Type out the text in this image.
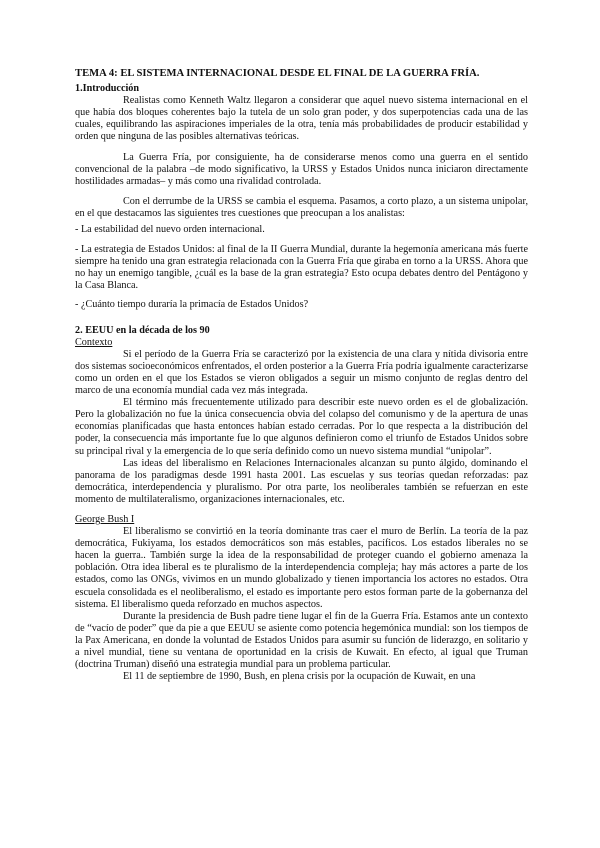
TEMA 4: EL SISTEMA INTERNACIONAL DESDE EL FINAL DE LA GUERRA FRÍA.

1.Introducción

Realistas como Kenneth Waltz llegaron a considerar que aquel nuevo sistema internacional en el que había dos bloques coherentes bajo la tutela de un solo gran poder, y dos superpotencias cada una de las cuales, equilibrando las aspiraciones imperiales de la otra, tenía más probabilidades de producir estabilidad y orden que ninguna de las posibles alternativas teóricas.

La Guerra Fría, por consiguiente, ha de considerarse menos como una guerra en el sentido convencional de la palabra –de modo significativo, la URSS y Estados Unidos nunca iniciaron directamente hostilidades armadas– y más como una rivalidad controlada.

Con el derrumbe de la URSS se cambia el esquema. Pasamos, a corto plazo, a un sistema unipolar, en el que destacamos las siguientes tres cuestiones que preocupan a los analistas:

- La estabilidad del nuevo orden internacional.

- La estrategia de Estados Unidos: al final de la II Guerra Mundial, durante la hegemonía americana más fuerte siempre ha tenido una gran estrategia relacionada con la Guerra Fría que giraba en torno a la URSS. Ahora que no hay un enemigo tangible, ¿cuál es la base de la gran estrategia? Esto ocupa debates dentro del Pentágono y la Casa Blanca.

- ¿Cuánto tiempo duraría la primacía de Estados Unidos?

2. EEUU en la década de los 90

Contexto

Si el período de la Guerra Fría se caracterizó por la existencia de una clara y nítida divisoria entre dos sistemas socioeconómicos enfrentados, el orden posterior a la Guerra Fría podría igualmente caracterizarse como un orden en el que los Estados se vieron obligados a seguir un mismo conjunto de reglas dentro del marco de una economía mundial cada vez más integrada.

El término más frecuentemente utilizado para describir este nuevo orden es el de globalización. Pero la globalización no fue la única consecuencia obvia del colapso del comunismo y de la apertura de unas economías planificadas que hasta entonces habían estado cerradas. Por lo que respecta a la distribución del poder, la consecuencia más importante fue lo que algunos definieron como el triunfo de Estados Unidos sobre su principal rival y la emergencia de lo que sería definido como un nuevo sistema mundial “unipolar”.

Las ideas del liberalismo en Relaciones Internacionales alcanzan su punto álgido, dominando el panorama de los paradigmas desde 1991 hasta 2001. Las escuelas y sus teorías quedan reforzadas: paz democrática, interdependencia y pluralismo. Por otra parte, los neoliberales también se refuerzan en este momento de multilateralismo, organizaciones internacionales, etc.

George Bush I

El liberalismo se convirtió en la teoría dominante tras caer el muro de Berlín. La teoría de la paz democrática, Fukiyama, los estados democráticos son más estables, pacíficos. Los estados liberales no se hacen la guerra.. También surge la idea de la responsabilidad de proteger cuando el gobierno amenaza la población. Otra idea liberal es te pluralismo de la interdependencia compleja; hay más actores a parte de los estados, como las ONGs, vivimos en un mundo globalizado y tienen importancia los actores no estados. Otra escuela consolidada es el neoliberalismo, el estado es importante pero estos forman parte de la gobernanza del sistema. El liberalismo queda reforzado en muchos aspectos.

Durante la presidencia de Bush padre tiene lugar el fin de la Guerra Fría. Estamos ante un contexto de “vacío de poder” que da pie a que EEUU se asiente como potencia hegemónica mundial: son los tiempos de la Pax Americana, en donde la voluntad de Estados Unidos para asumir su función de liderazgo, en solitario y a nivel mundial, tiene su ventana de oportunidad en la crisis de Kuwait. En efecto, al igual que Truman (doctrina Truman) diseñó una estrategia mundial para un problema particular.

El 11 de septiembre de 1990, Bush, en plena crisis por la ocupación de Kuwait, en una
